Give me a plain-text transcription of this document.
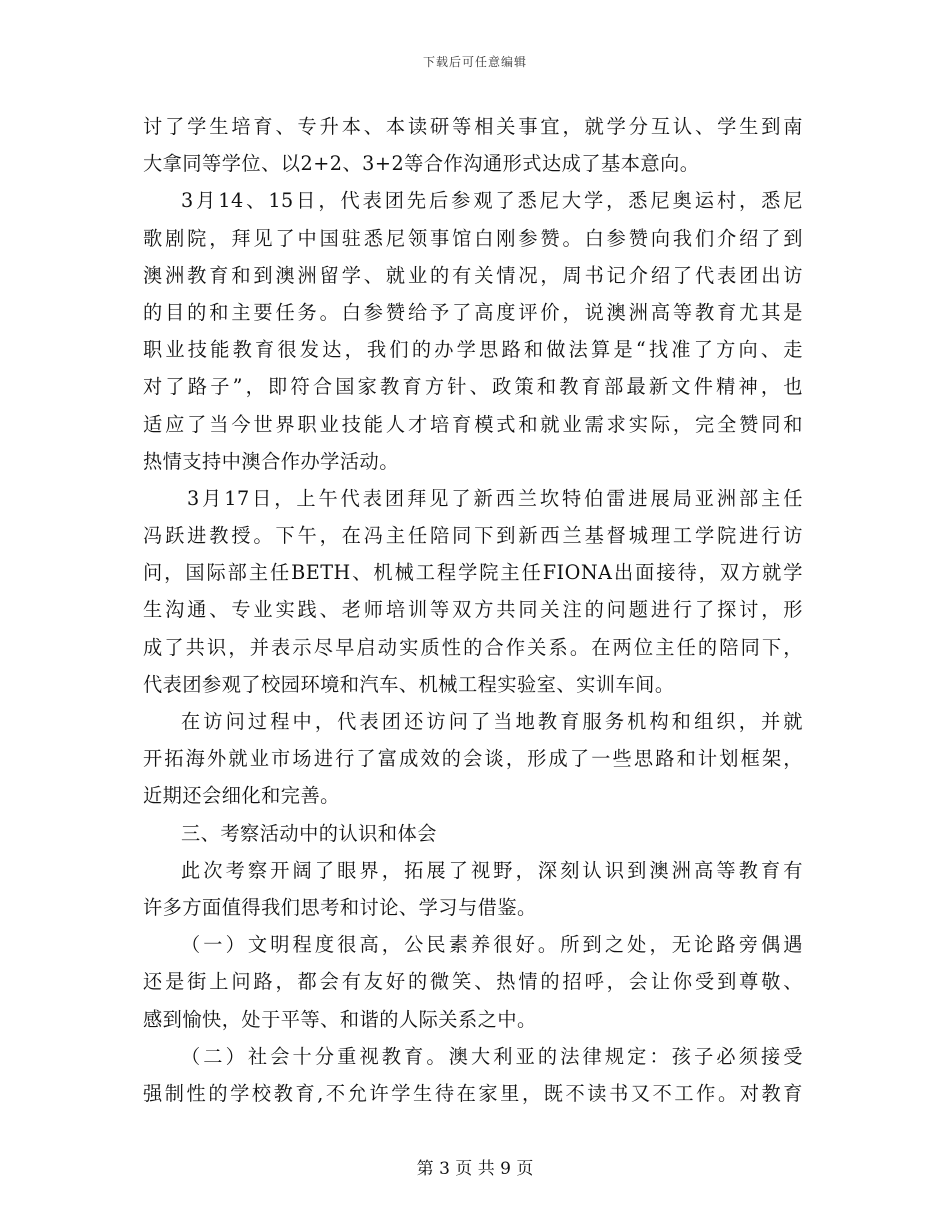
下载后可任意编辑
讨了学生培育、专升本、本读研等相关事宜，就学分互认、学生到南
大拿同等学位、以2+2、3+2等合作沟通形式达成了基本意向。
3月14、15日，代表团先后参观了悉尼大学，悉尼奥运村，悉尼
歌剧院，拜见了中国驻悉尼领事馆白刚参赞。白参赞向我们介绍了到
澳洲教育和到澳洲留学、就业的有关情况，周书记介绍了代表团出访
的目的和主要任务。白参赞给予了高度评价，说澳洲高等教育尤其是
职业技能教育很发达，我们的办学思路和做法算是“找准了方向、走
对了路子”，即符合国家教育方针、政策和教育部最新文件精神，也
适应了当今世界职业技能人才培育模式和就业需求实际，完全赞同和
热情支持中澳合作办学活动。
3月17日，上午代表团拜见了新西兰坎特伯雷进展局亚洲部主任
冯跃进教授。下午，在冯主任陪同下到新西兰基督城理工学院进行访
问，国际部主任BETH、机械工程学院主任FIONA出面接待，双方就学
生沟通、专业实践、老师培训等双方共同关注的问题进行了探讨，形
成了共识，并表示尽早启动实质性的合作关系。在两位主任的陪同下，
代表团参观了校园环境和汽车、机械工程实验室、实训车间。
在访问过程中，代表团还访问了当地教育服务机构和组织，并就
开拓海外就业市场进行了富成效的会谈，形成了一些思路和计划框架，
近期还会细化和完善。
三、考察活动中的认识和体会
此次考察开阔了眼界，拓展了视野，深刻认识到澳洲高等教育有
许多方面值得我们思考和讨论、学习与借鉴。
（一）文明程度很高，公民素养很好。所到之处，无论路旁偶遇
还是街上问路，都会有友好的微笑、热情的招呼，会让你受到尊敬、
感到愉快，处于平等、和谐的人际关系之中。
（二）社会十分重视教育。澳大利亚的法律规定：孩子必须接受
强制性的学校教育,不允许学生待在家里，既不读书又不工作。对教育
第 3 页 共 9 页
